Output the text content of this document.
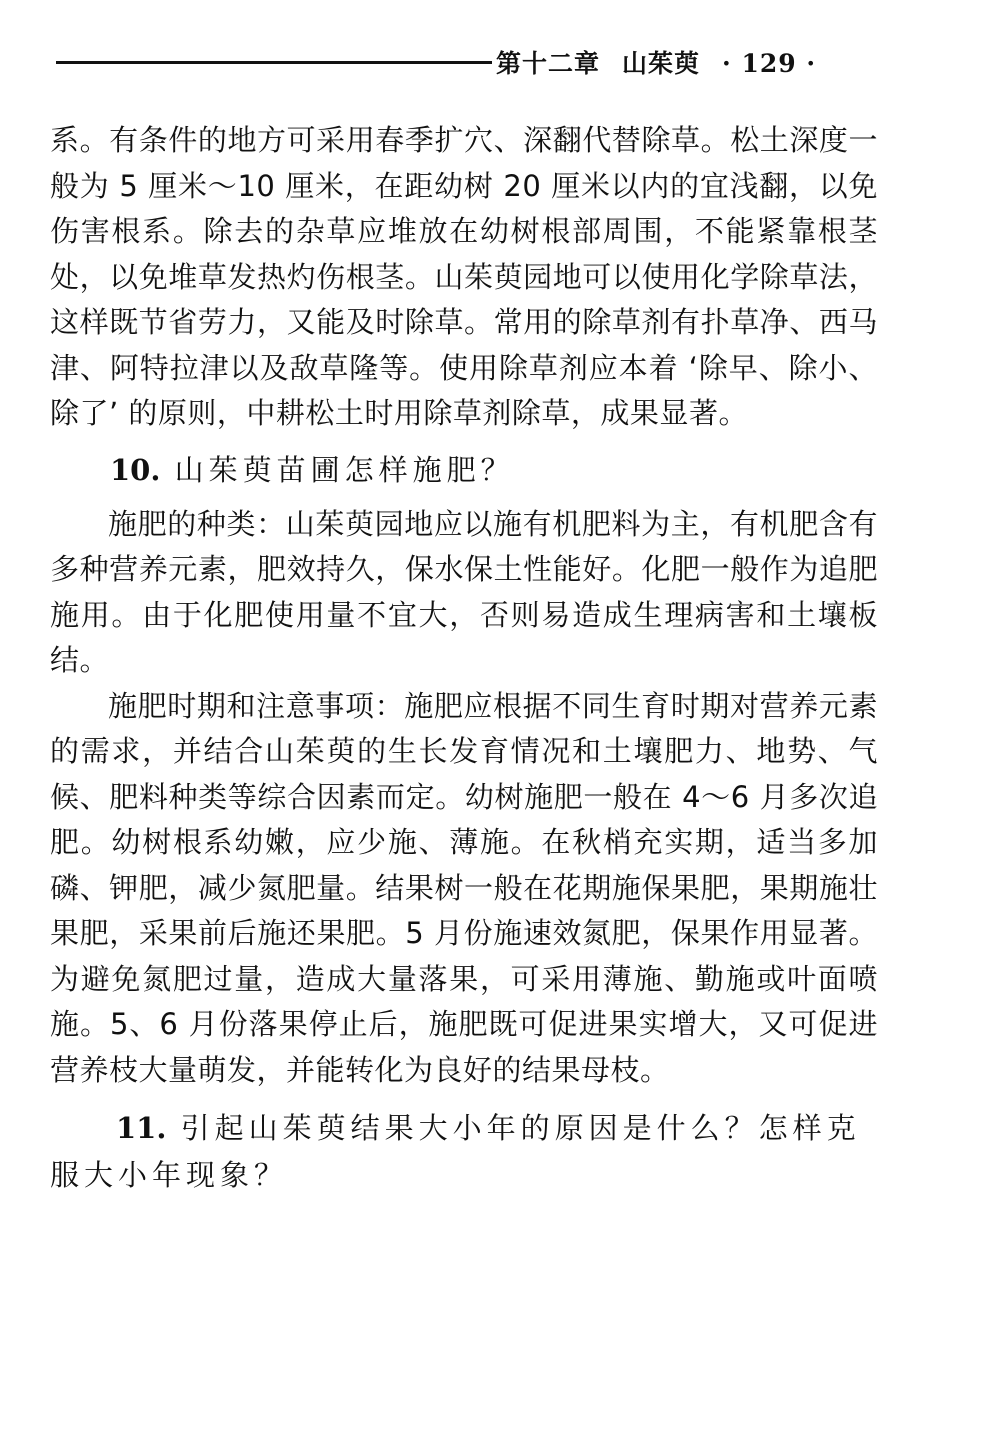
第十二章 山茱萸 · 129 ·

系。有条件的地方可采用春季扩穴、深翻代替除草。松土深度一般为 5 厘米～10 厘米，在距幼树 20 厘米以内的宜浅翻，以免伤害根系。除去的杂草应堆放在幼树根部周围，不能紧靠根茎处，以免堆草发热灼伤根茎。山茱萸园地可以使用化学除草法，这样既节省劳力，又能及时除草。常用的除草剂有扑草净、西马津、阿特拉津以及敌草隆等。使用除草剂应本着 ‘除早、除小、除了’ 的原则，中耕松土时用除草剂除草，成果显著。

10. 山茱萸苗圃怎样施肥？

施肥的种类：山茱萸园地应以施有机肥料为主，有机肥含有多种营养元素，肥效持久，保水保土性能好。化肥一般作为追肥施用。由于化肥使用量不宜大，否则易造成生理病害和土壤板结。

施肥时期和注意事项：施肥应根据不同生育时期对营养元素的需求，并结合山茱萸的生长发育情况和土壤肥力、地势、气候、肥料种类等综合因素而定。幼树施肥一般在 4～6 月多次追肥。幼树根系幼嫩，应少施、薄施。在秋梢充实期，适当多加磷、钾肥，减少氮肥量。结果树一般在花期施保果肥，果期施壮果肥，采果前后施还果肥。5 月份施速效氮肥，保果作用显著。为避免氮肥过量，造成大量落果，可采用薄施、勤施或叶面喷施。5、6 月份落果停止后，施肥既可促进果实增大，又可促进营养枝大量萌发，并能转化为良好的结果母枝。

11. 引起山茱萸结果大小年的原因是什么？怎样克服大小年现象？
